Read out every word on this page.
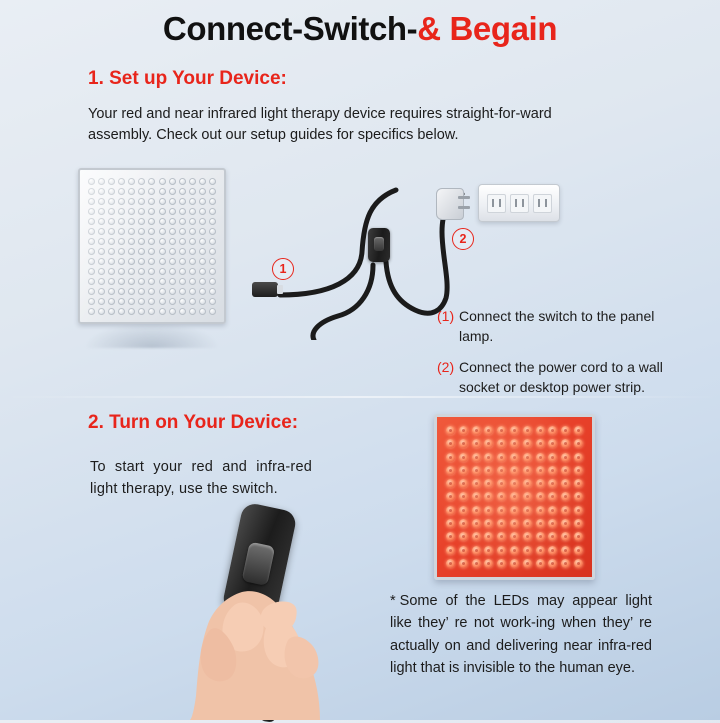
Connect-Switch-& Begain
1. Set up Your Device:
Your red and near infrared light therapy device requires straight-for-ward assembly. Check out our setup guides for specifics below.
1
2
(1) Connect the switch to the panel lamp.
(2) Connect the power cord to a wall socket or desktop power strip.
2. Turn on Your Device:
To start your red and infra-red light therapy, use the switch.
* Some of the LEDs may appear light like they’ re not work-ing when they’ re actually on and delivering near infra-red light that is invisible to the human eye.
